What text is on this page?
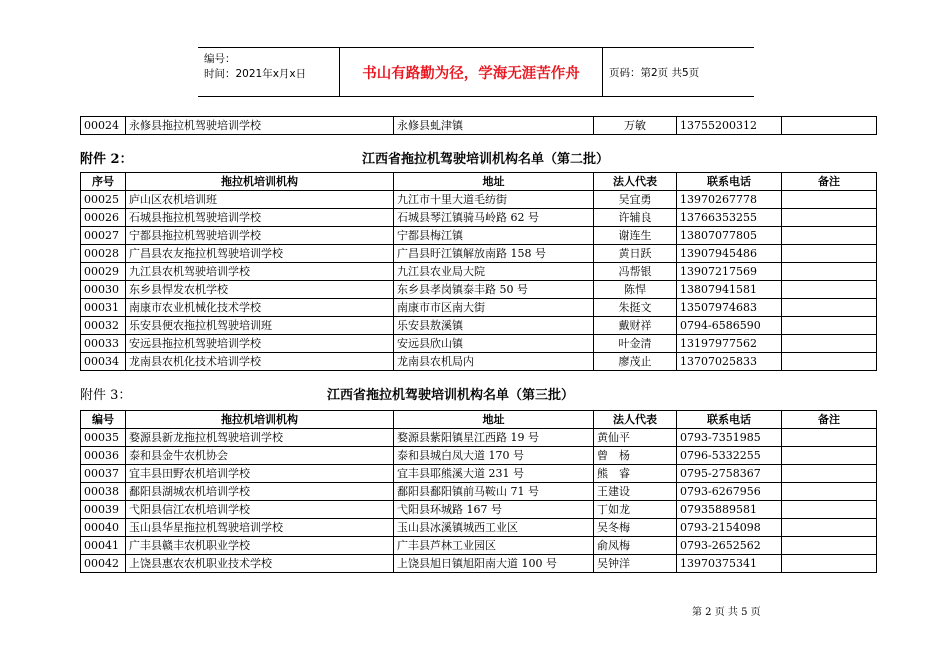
编号：
时间：2021年x月x日	书山有路勤为径，学海无涯苦作舟	页码：第2页 共5页
00024	永修县拖拉机驾驶培训学校	永修县虬津镇	万敏	13755200312	
附件 2：	江西省拖拉机驾驶培训机构名单（第二批）
序号	拖拉机培训机构	地址	法人代表	联系电话	备注
00025	庐山区农机培训班	九江市十里大道毛纺街	吴宜勇	13970267778	
00026	石城县拖拉机驾驶培训学校	石城县琴江镇骑马岭路 62 号	许辅良	13766353255	
00027	宁都县拖拉机驾驶培训学校	宁都县梅江镇	谢连生	13807077805	
00028	广昌县农友拖拉机驾驶培训学校	广昌县盱江镇解放南路 158 号	黄日跃	13907945486	
00029	九江县农机驾驶培训学校	九江县农业局大院	冯帮银	13907217569	
00030	东乡县悍发农机学校	东乡县孝岗镇泰丰路 50 号	陈悍	13807941581	
00031	南康市农业机械化技术学校	南康市市区南大街	朱挺文	13507974683	
00032	乐安县便农拖拉机驾驶培训班	乐安县敖溪镇	戴财祥	0794-6586590	
00033	安远县拖拉机驾驶培训学校	安远县欣山镇	叶金清	13197977562	
00034	龙南县农机化技术培训学校	龙南县农机局内	廖茂止	13707025833	
附件 3：	江西省拖拉机驾驶培训机构名单（第三批）
编号	拖拉机培训机构	地址	法人代表	联系电话	备注
00035	婺源县新龙拖拉机驾驶培训学校	婺源县紫阳镇星江西路 19 号	黄仙平	0793-7351985	
00036	泰和县金牛农机协会	泰和县城白凤大道 170 号	曾　杨	0796-5332255	
00037	宜丰县田野农机培训学校	宜丰县耶熊溪大道 231 号	熊　睿	0795-2758367	
00038	鄱阳县湖城农机培训学校	鄱阳县鄱阳镇前马鞍山 71 号	王建设	0793-6267956	
00039	弋阳县信江农机培训学校	弋阳县环城路 167 号	丁如龙	07935889581	
00040	玉山县华星拖拉机驾驶培训学校	玉山县冰溪镇城西工业区	吴冬梅	0793-2154098	
00041	广丰县赣丰农机职业学校	广丰县芦林工业园区	俞凤梅	0793-2652562	
00042	上饶县惠农农机职业技术学校	上饶县旭日镇旭阳南大道 100 号	吴钟洋	13970375341	
第 2 页 共 5 页
